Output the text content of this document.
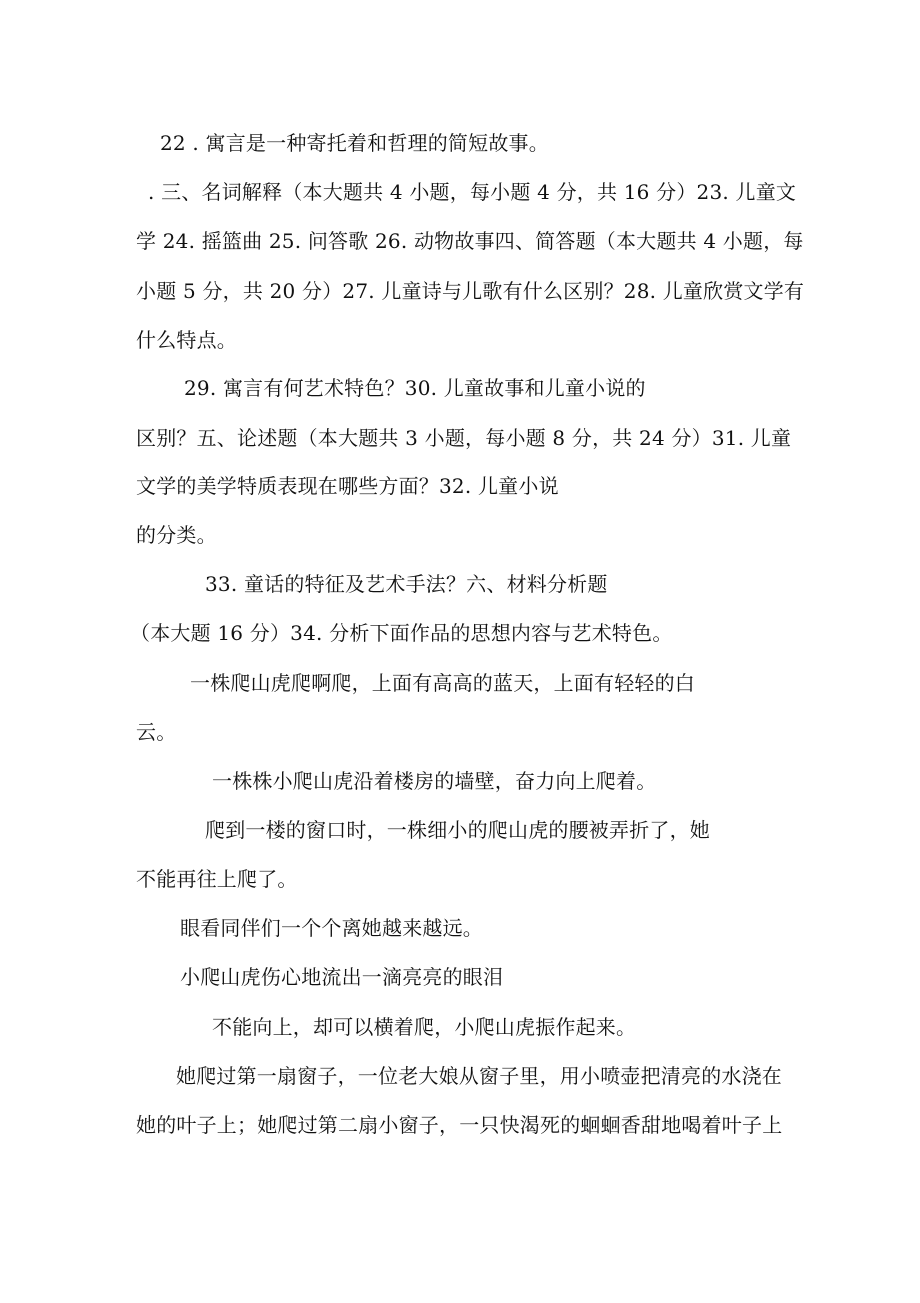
22 . 寓言是一种寄托着和哲理的简短故事。
. 三、名词解释（本大题共 4 小题，每小题 4 分，共 16 分）23. 儿童文
学 24. 摇篮曲 25. 问答歌 26. 动物故事四、简答题（本大题共 4 小题，每
小题 5 分，共 20 分）27. 儿童诗与儿歌有什么区别？28. 儿童欣赏文学有
什么特点。
29. 寓言有何艺术特色？30. 儿童故事和儿童小说的
区别？五、论述题（本大题共 3 小题，每小题 8 分，共 24 分）31. 儿童
文学的美学特质表现在哪些方面？32. 儿童小说
的分类。
33. 童话的特征及艺术手法？六、材料分析题
（本大题 16 分）34. 分析下面作品的思想内容与艺术特色。
一株爬山虎爬啊爬，上面有高高的蓝天，上面有轻轻的白
云。
一株株小爬山虎沿着楼房的墙壁，奋力向上爬着。
爬到一楼的窗口时，一株细小的爬山虎的腰被弄折了，她
不能再往上爬了。
眼看同伴们一个个离她越来越远。
小爬山虎伤心地流出一滴亮亮的眼泪
不能向上，却可以横着爬，小爬山虎振作起来。
她爬过第一扇窗子，一位老大娘从窗子里，用小喷壶把清亮的水浇在
她的叶子上；她爬过第二扇小窗子，一只快渴死的蛔蛔香甜地喝着叶子上
